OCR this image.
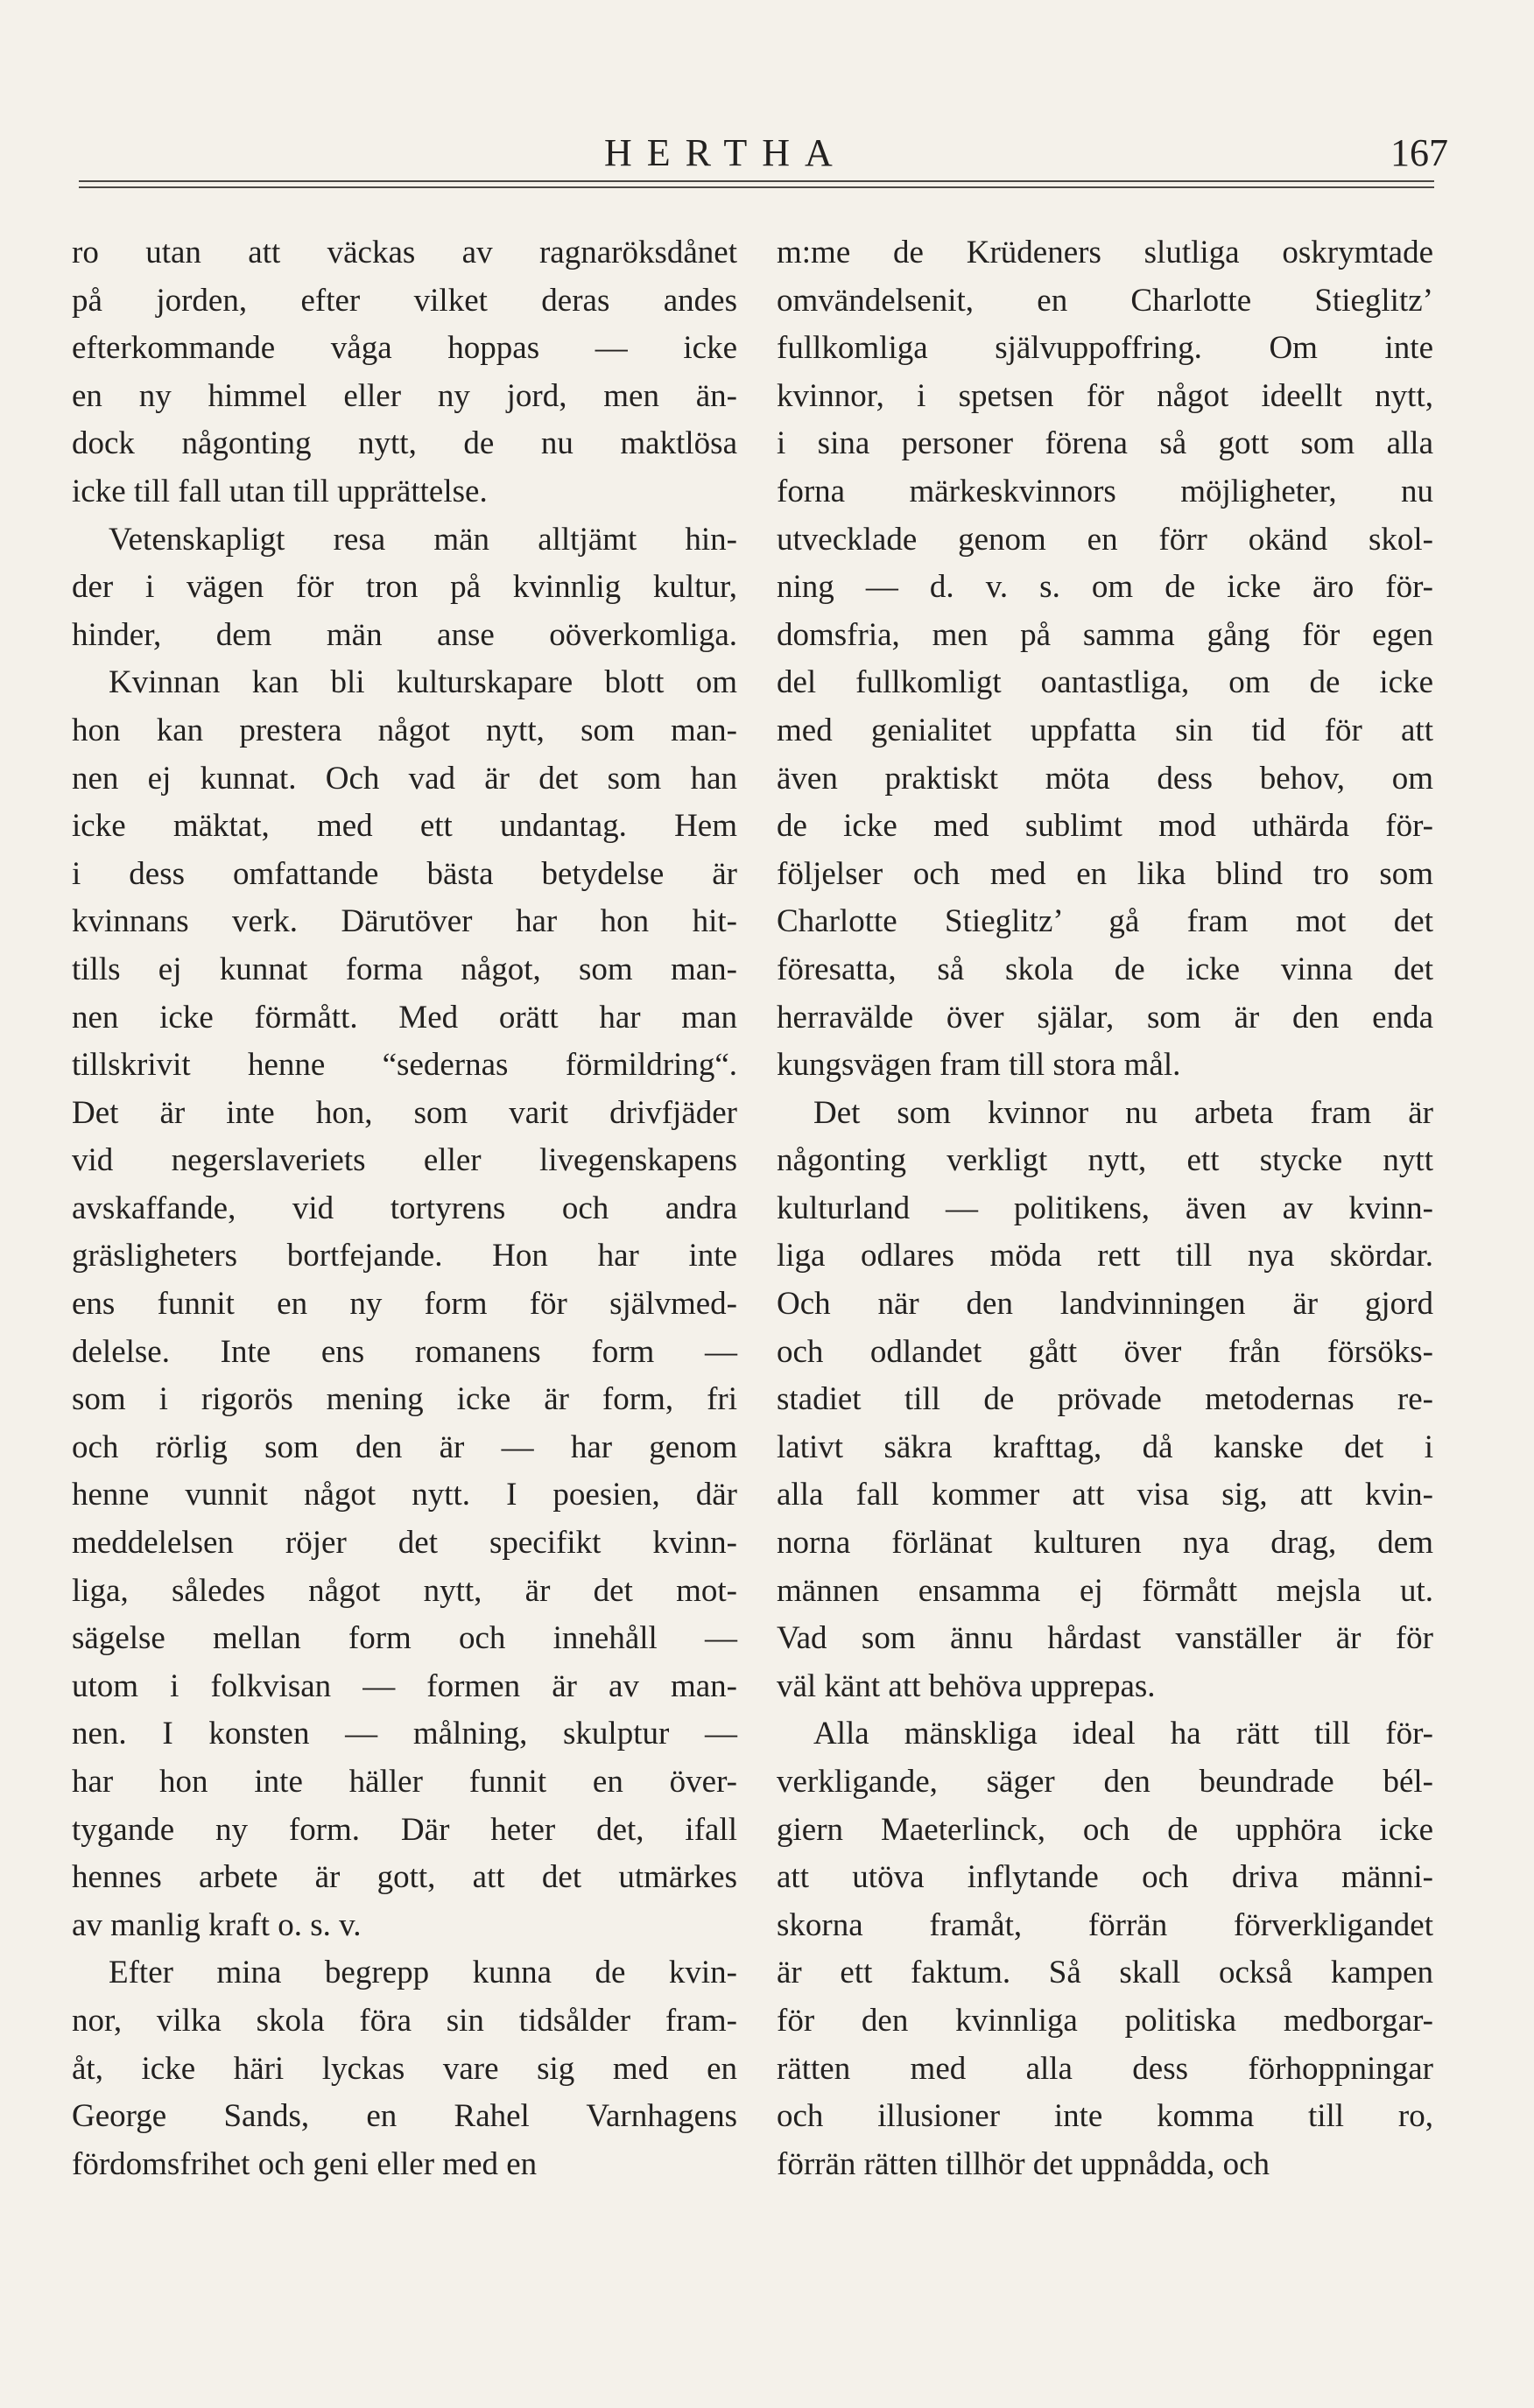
HERTHA	167
ro utan att väckas av ragnaröksdånet
på jorden, efter vilket deras andes
efterkommande våga hoppas — icke
en ny himmel eller ny jord, men än-
dock någonting nytt, de nu maktlösa
icke till fall utan till upprättelse.
Vetenskapligt resa män alltjämt hin-
der i vägen för tron på kvinnlig kultur,
hinder, dem män anse oöverkomliga.
Kvinnan kan bli kulturskapare blott om
hon kan prestera något nytt, som man-
nen ej kunnat. Och vad är det som han
icke mäktat, med ett undantag. Hem
i dess omfattande bästa betydelse är
kvinnans verk. Därutöver har hon hit-
tills ej kunnat forma något, som man-
nen icke förmått. Med orätt har man
tillskrivit henne “sedernas förmildring“.
Det är inte hon, som varit drivfjäder
vid negerslaveriets eller livegenskapens
avskaffande, vid tortyrens och andra
gräsligheters bortfejande. Hon har inte
ens funnit en ny form för självmed-
delelse. Inte ens romanens form —
som i rigorös mening icke är form, fri
och rörlig som den är — har genom
henne vunnit något nytt. I poesien, där
meddelelsen röjer det specifikt kvinn-
liga, således något nytt, är det mot-
sägelse mellan form och innehåll —
utom i folkvisan — formen är av man-
nen. I konsten — målning, skulptur —
har hon inte häller funnit en över-
tygande ny form. Där heter det, ifall
hennes arbete är gott, att det utmärkes
av manlig kraft o. s. v.
Efter mina begrepp kunna de kvin-
nor, vilka skola föra sin tidsålder fram-
åt, icke häri lyckas vare sig med en
George Sands, en Rahel Varnhagens
fördomsfrihet och geni eller med en
m:me de Krüdeners slutliga oskrymtade
omvändelsenit, en Charlotte Stieglitz’
fullkomliga självuppoffring. Om inte
kvinnor, i spetsen för något ideellt nytt,
i sina personer förena så gott som alla
forna märkeskvinnors möjligheter, nu
utvecklade genom en förr okänd skol-
ning — d. v. s. om de icke äro för-
domsfria, men på samma gång för egen
del fullkomligt oantastliga, om de icke
med genialitet uppfatta sin tid för att
även praktiskt möta dess behov, om
de icke med sublimt mod uthärda för-
följelser och med en lika blind tro som
Charlotte Stieglitz’ gå fram mot det
föresatta, så skola de icke vinna det
herravälde över själar, som är den enda
kungsvägen fram till stora mål.
Det som kvinnor nu arbeta fram är
någonting verkligt nytt, ett stycke nytt
kulturland — politikens, även av kvinn-
liga odlares möda rett till nya skördar.
Och när den landvinningen är gjord
och odlandet gått över från försöks-
stadiet till de prövade metodernas re-
lativt säkra krafttag, då kanske det i
alla fall kommer att visa sig, att kvin-
norna förlänat kulturen nya drag, dem
männen ensamma ej förmått mejsla ut.
Vad som ännu hårdast vanställer är för
väl känt att behöva upprepas.
Alla mänskliga ideal ha rätt till för-
verkligande, säger den beundrade bél-
giern Maeterlinck, och de upphöra icke
att utöva inflytande och driva männi-
skorna framåt, förrän förverkligandet
är ett faktum. Så skall också kampen
för den kvinnliga politiska medborgar-
rätten med alla dess förhoppningar
och illusioner inte komma till ro,
förrän rätten tillhör det uppnådda, och
